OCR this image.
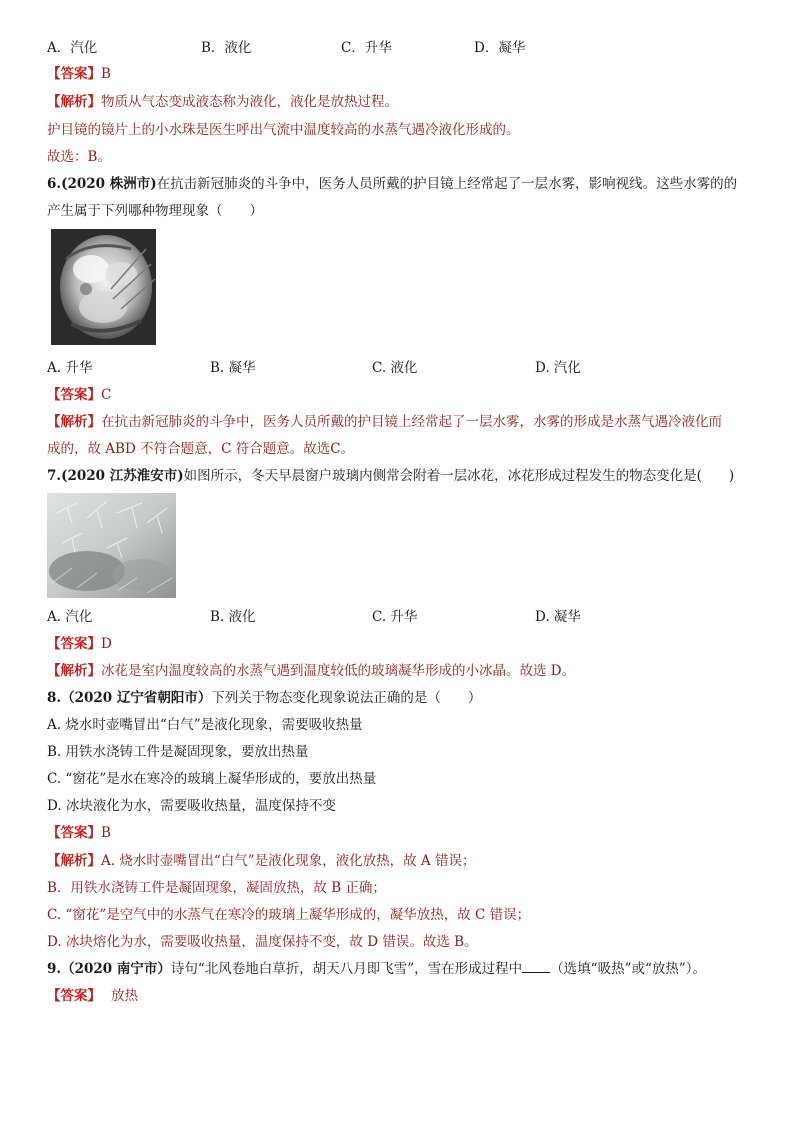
A．汽化	B．液化	C．升华	D．凝华
【答案】B
【解析】物质从气态变成液态称为液化，液化是放热过程。
护目镜的镜片上的小水珠是医生呼出气流中温度较高的水蒸气遇冷液化形成的。
故选：B。
6.(2020 株洲市)在抗击新冠肺炎的斗争中，医务人员所戴的护目镜上经常起了一层水雾，影响视线。这些水雾的的
产生属于下列哪种物理现象（　　）
A. 升华	B. 凝华	C. 液化	D. 汽化
【答案】C
【解析】在抗击新冠肺炎的斗争中，医务人员所戴的护目镜上经常起了一层水雾，水雾的形成是水蒸气遇冷液化而
成的，故 ABD 不符合题意，C 符合题意。故选C。
7.(2020 江苏淮安市)如图所示，冬天早晨窗户玻璃内侧常会附着一层冰花，冰花形成过程发生的物态变化是(　　)
A. 汽化	B. 液化	C. 升华	D. 凝华
【答案】D
【解析】冰花是室内温度较高的水蒸气遇到温度较低的玻璃凝华形成的小冰晶。故选 D。
8.（2020 辽宁省朝阳市）下列关于物态变化现象说法正确的是（　　）
A. 烧水时壶嘴冒出“白气”是液化现象，需要吸收热量
B. 用铁水浇铸工件是凝固现象，要放出热量
C. “窗花”是水在寒冷的玻璃上凝华形成的，要放出热量
D. 冰块液化为水，需要吸收热量，温度保持不变
【答案】B
【解析】A. 烧水时壶嘴冒出“白气”是液化现象，液化放热，故 A 错误；
B．用铁水浇铸工件是凝固现象，凝固放热，故 B 正确；
C. “窗花”是空气中的水蒸气在寒冷的玻璃上凝华形成的，凝华放热，故 C 错误；
D. 冰块熔化为水，需要吸收热量，温度保持不变，故 D 错误。故选 B。
9.（2020 南宁市）诗句“北风卷地白草折，胡天八月即飞雪”，雪在形成过程中 （选填“吸热”或“放热”）。
【答案】 放热
